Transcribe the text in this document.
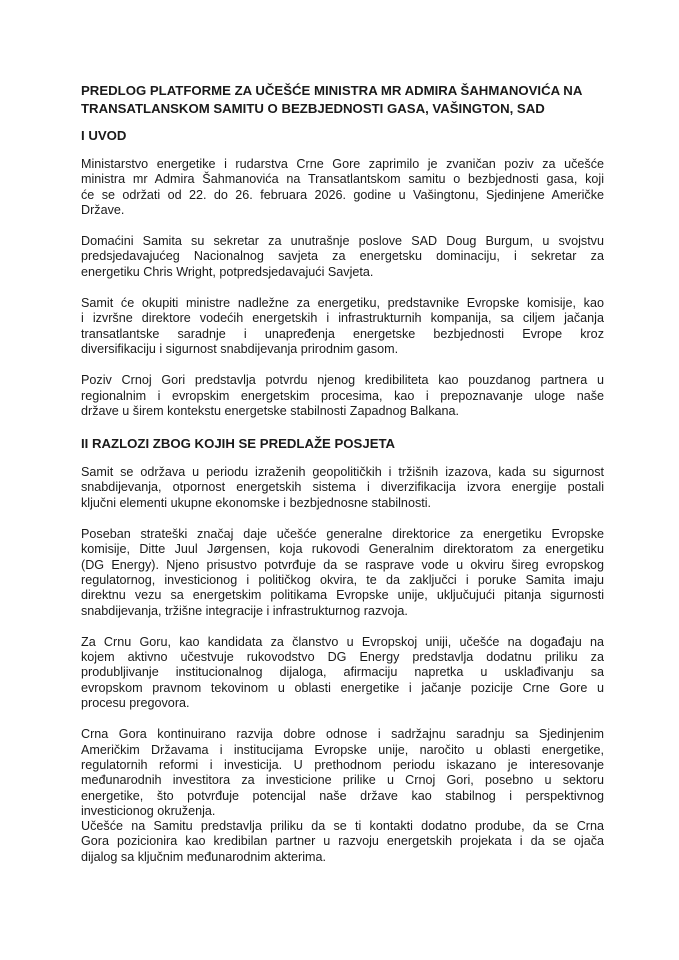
PREDLOG PLATFORME ZA UČEŠĆE MINISTRA MR ADMIRA ŠAHMANOVIĆA NA
TRANSATLANSKOM SAMITU O BEZBJEDNOSTI GASA, VAŠINGTON, SAD
I UVOD
Ministarstvo energetike i rudarstva Crne Gore zaprimilo je zvaničan poziv za učešće
ministra mr Admira Šahmanovića na Transatlantskom samitu o bezbjednosti gasa, koji
će se održati od 22. do 26. februara 2026. godine u Vašingtonu, Sjedinjene Američke
Države.
Domaćini Samita su sekretar za unutrašnje poslove SAD Doug Burgum, u svojstvu
predsjedavajućeg Nacionalnog savjeta za energetsku dominaciju, i sekretar za
energetiku Chris Wright, potpredsjedavajući Savjeta.
Samit će okupiti ministre nadležne za energetiku, predstavnike Evropske komisije, kao
i izvršne direktore vodećih energetskih i infrastrukturnih kompanija, sa ciljem jačanja
transatlantske saradnje i unapređenja energetske bezbjednosti Evrope kroz
diversifikaciju i sigurnost snabdijevanja prirodnim gasom.
Poziv Crnoj Gori predstavlja potvrdu njenog kredibiliteta kao pouzdanog partnera u
regionalnim i evropskim energetskim procesima, kao i prepoznavanje uloge naše
države u širem kontekstu energetske stabilnosti Zapadnog Balkana.
II RAZLOZI ZBOG KOJIH SE PREDLAŽE POSJETA
Samit se održava u periodu izraženih geopolitičkih i tržišnih izazova, kada su sigurnost
snabdijevanja, otpornost energetskih sistema i diverzifikacija izvora energije postali
ključni elementi ukupne ekonomske i bezbjednosne stabilnosti.
Poseban strateški značaj daje učešće generalne direktorice za energetiku Evropske
komisije, Ditte Juul Jørgensen, koja rukovodi Generalnim direktoratom za energetiku
(DG Energy). Njeno prisustvo potvrđuje da se rasprave vode u okviru šireg evropskog
regulatornog, investicionog i političkog okvira, te da zaključci i poruke Samita imaju
direktnu vezu sa energetskim politikama Evropske unije, uključujući pitanja sigurnosti
snabdijevanja, tržišne integracije i infrastrukturnog razvoja.
Za Crnu Goru, kao kandidata za članstvo u Evropskoj uniji, učešće na događaju na
kojem aktivno učestvuje rukovodstvo DG Energy predstavlja dodatnu priliku za
produbljivanje institucionalnog dijaloga, afirmaciju napretka u usklađivanju sa
evropskom pravnom tekovinom u oblasti energetike i jačanje pozicije Crne Gore u
procesu pregovora.
Crna Gora kontinuirano razvija dobre odnose i sadržajnu saradnju sa Sjedinjenim
Američkim Državama i institucijama Evropske unije, naročito u oblasti energetike,
regulatornih reformi i investicija. U prethodnom periodu iskazano je interesovanje
međunarodnih investitora za investicione prilike u Crnoj Gori, posebno u sektoru
energetike, što potvrđuje potencijal naše države kao stabilnog i perspektivnog
investicionog okruženja.
Učešće na Samitu predstavlja priliku da se ti kontakti dodatno prodube, da se Crna
Gora pozicionira kao kredibilan partner u razvoju energetskih projekata i da se ojača
dijalog sa ključnim međunarodnim akterima.
